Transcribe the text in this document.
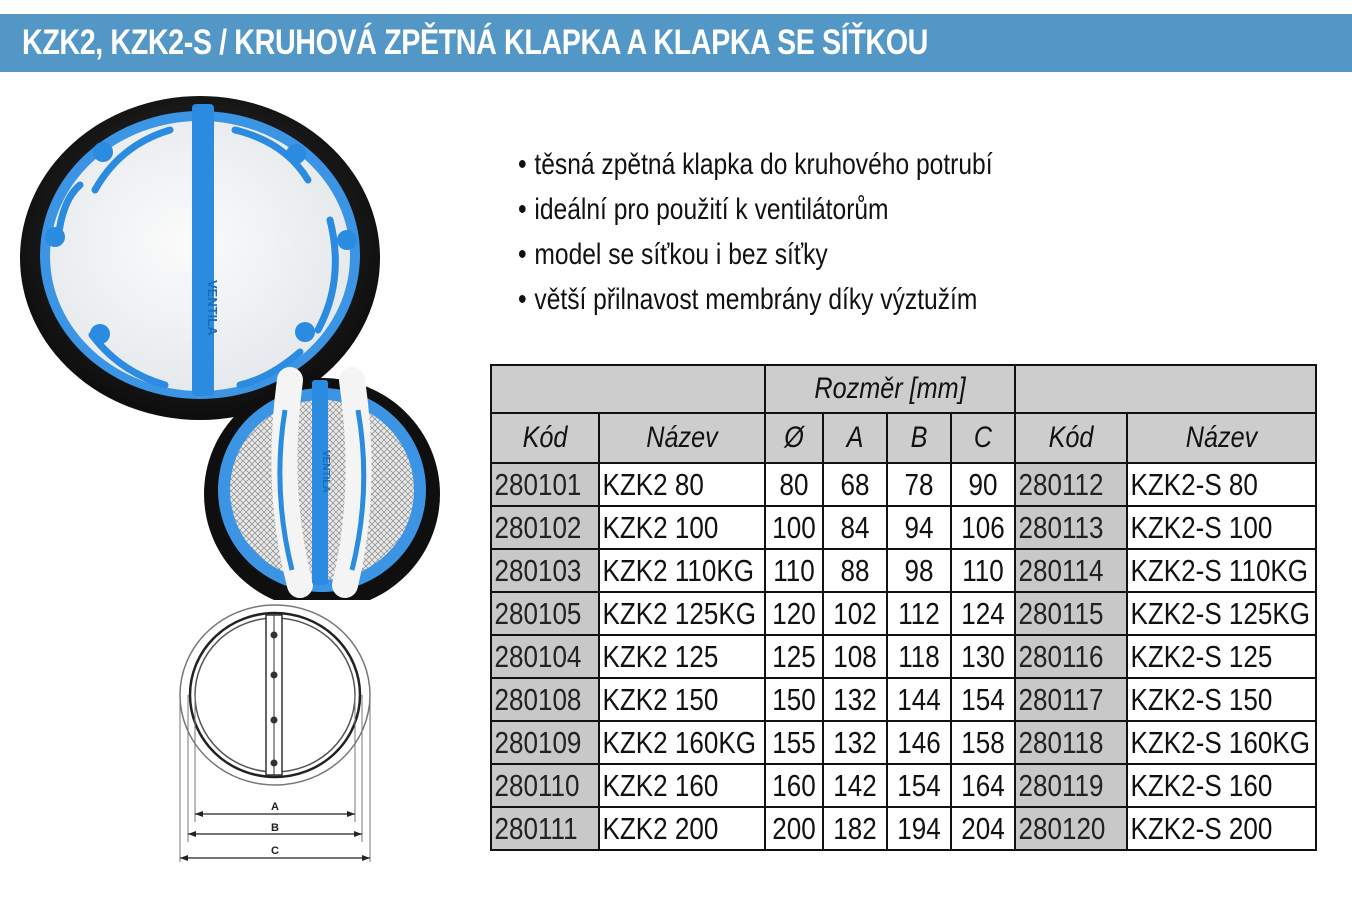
KZK2, KZK2-S / KRUHOVÁ ZPĚTNÁ KLAPKA A KLAPKA SE SÍŤKOU
VENTILA
VENTILA
A
B
C
• těsná zpětná klapka do kruhového potrubí
• ideální pro použití k ventilátorům
• model se síťkou i bez síťky
• větší přilnavost membrány díky výztužím

		Rozměr [mm]					

Kód	Název	Ø	A	B	C	Kód	Název

280101	KZK2 80	80	68	78	90	280112	KZK2-S 80

280102	KZK2 100	100	84	94	106	280113	KZK2-S 100

280103	KZK2 110KG	110	88	98	110	280114	KZK2-S 110KG

280105	KZK2 125KG	120	102	112	124	280115	KZK2-S 125KG

280104	KZK2 125	125	108	118	130	280116	KZK2-S 125

280108	KZK2 150	150	132	144	154	280117	KZK2-S 150

280109	KZK2 160KG	155	132	146	158	280118	KZK2-S 160KG

280110	KZK2 160	160	142	154	164	280119	KZK2-S 160

280111	KZK2 200	200	182	194	204	280120	KZK2-S 200
